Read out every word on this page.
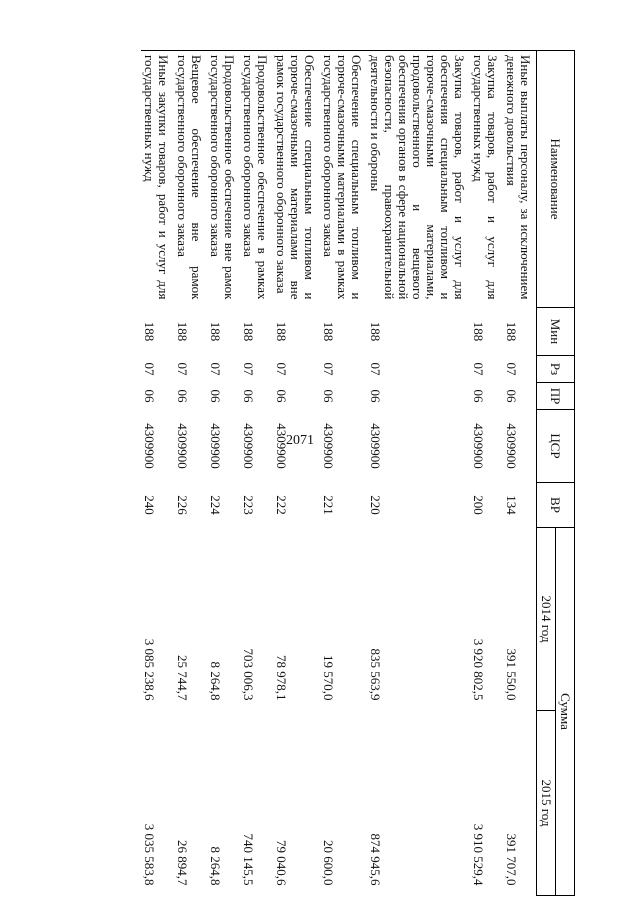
2071
Наименование	Мин	Рз	ПР	ЦСР	ВР	Сумма	
						2014 год	2015 год
Иные выплаты персоналу, за исключением денежного довольствия	188	07	06	4309900	134	391 550,0	391 707,0
Закупка товаров, работ и услуг для государственных нужд	188	07	06	4309900	200	3 920 802,5	3 910 529,4
Закупка товаров, работ и услуг для обеспечения специальным топливом и горюче-смазочными материалами, продовольственного и вещевого обеспечения органов в сфере национальной безопасности, правоохранительной деятельности и обороны	188	07	06	4309900	220	835 563,9	874 945,6
Обеспечение специальным топливом и горюче-смазочными материалами в рамках государственного оборонного заказа	188	07	06	4309900	221	19 570,0	20 600,0
Обеспечение специальным топливом и горюче-смазочными материалами вне рамок государственного оборонного заказа	188	07	06	4309900	222	78 978,1	79 040,6
Продовольственное обеспечение в рамках государственного оборонного заказа	188	07	06	4309900	223	703 006,3	740 145,5
Продовольственное обеспечение вне рамок государственного оборонного заказа	188	07	06	4309900	224	8 264,8	8 264,8
Вещевое обеспечение вне рамок государственного оборонного заказа	188	07	06	4309900	226	25 744,7	26 894,7
Иные закупки товаров, работ и услуг для государственных нужд	188	07	06	4309900	240	3 085 238,6	3 035 583,8
